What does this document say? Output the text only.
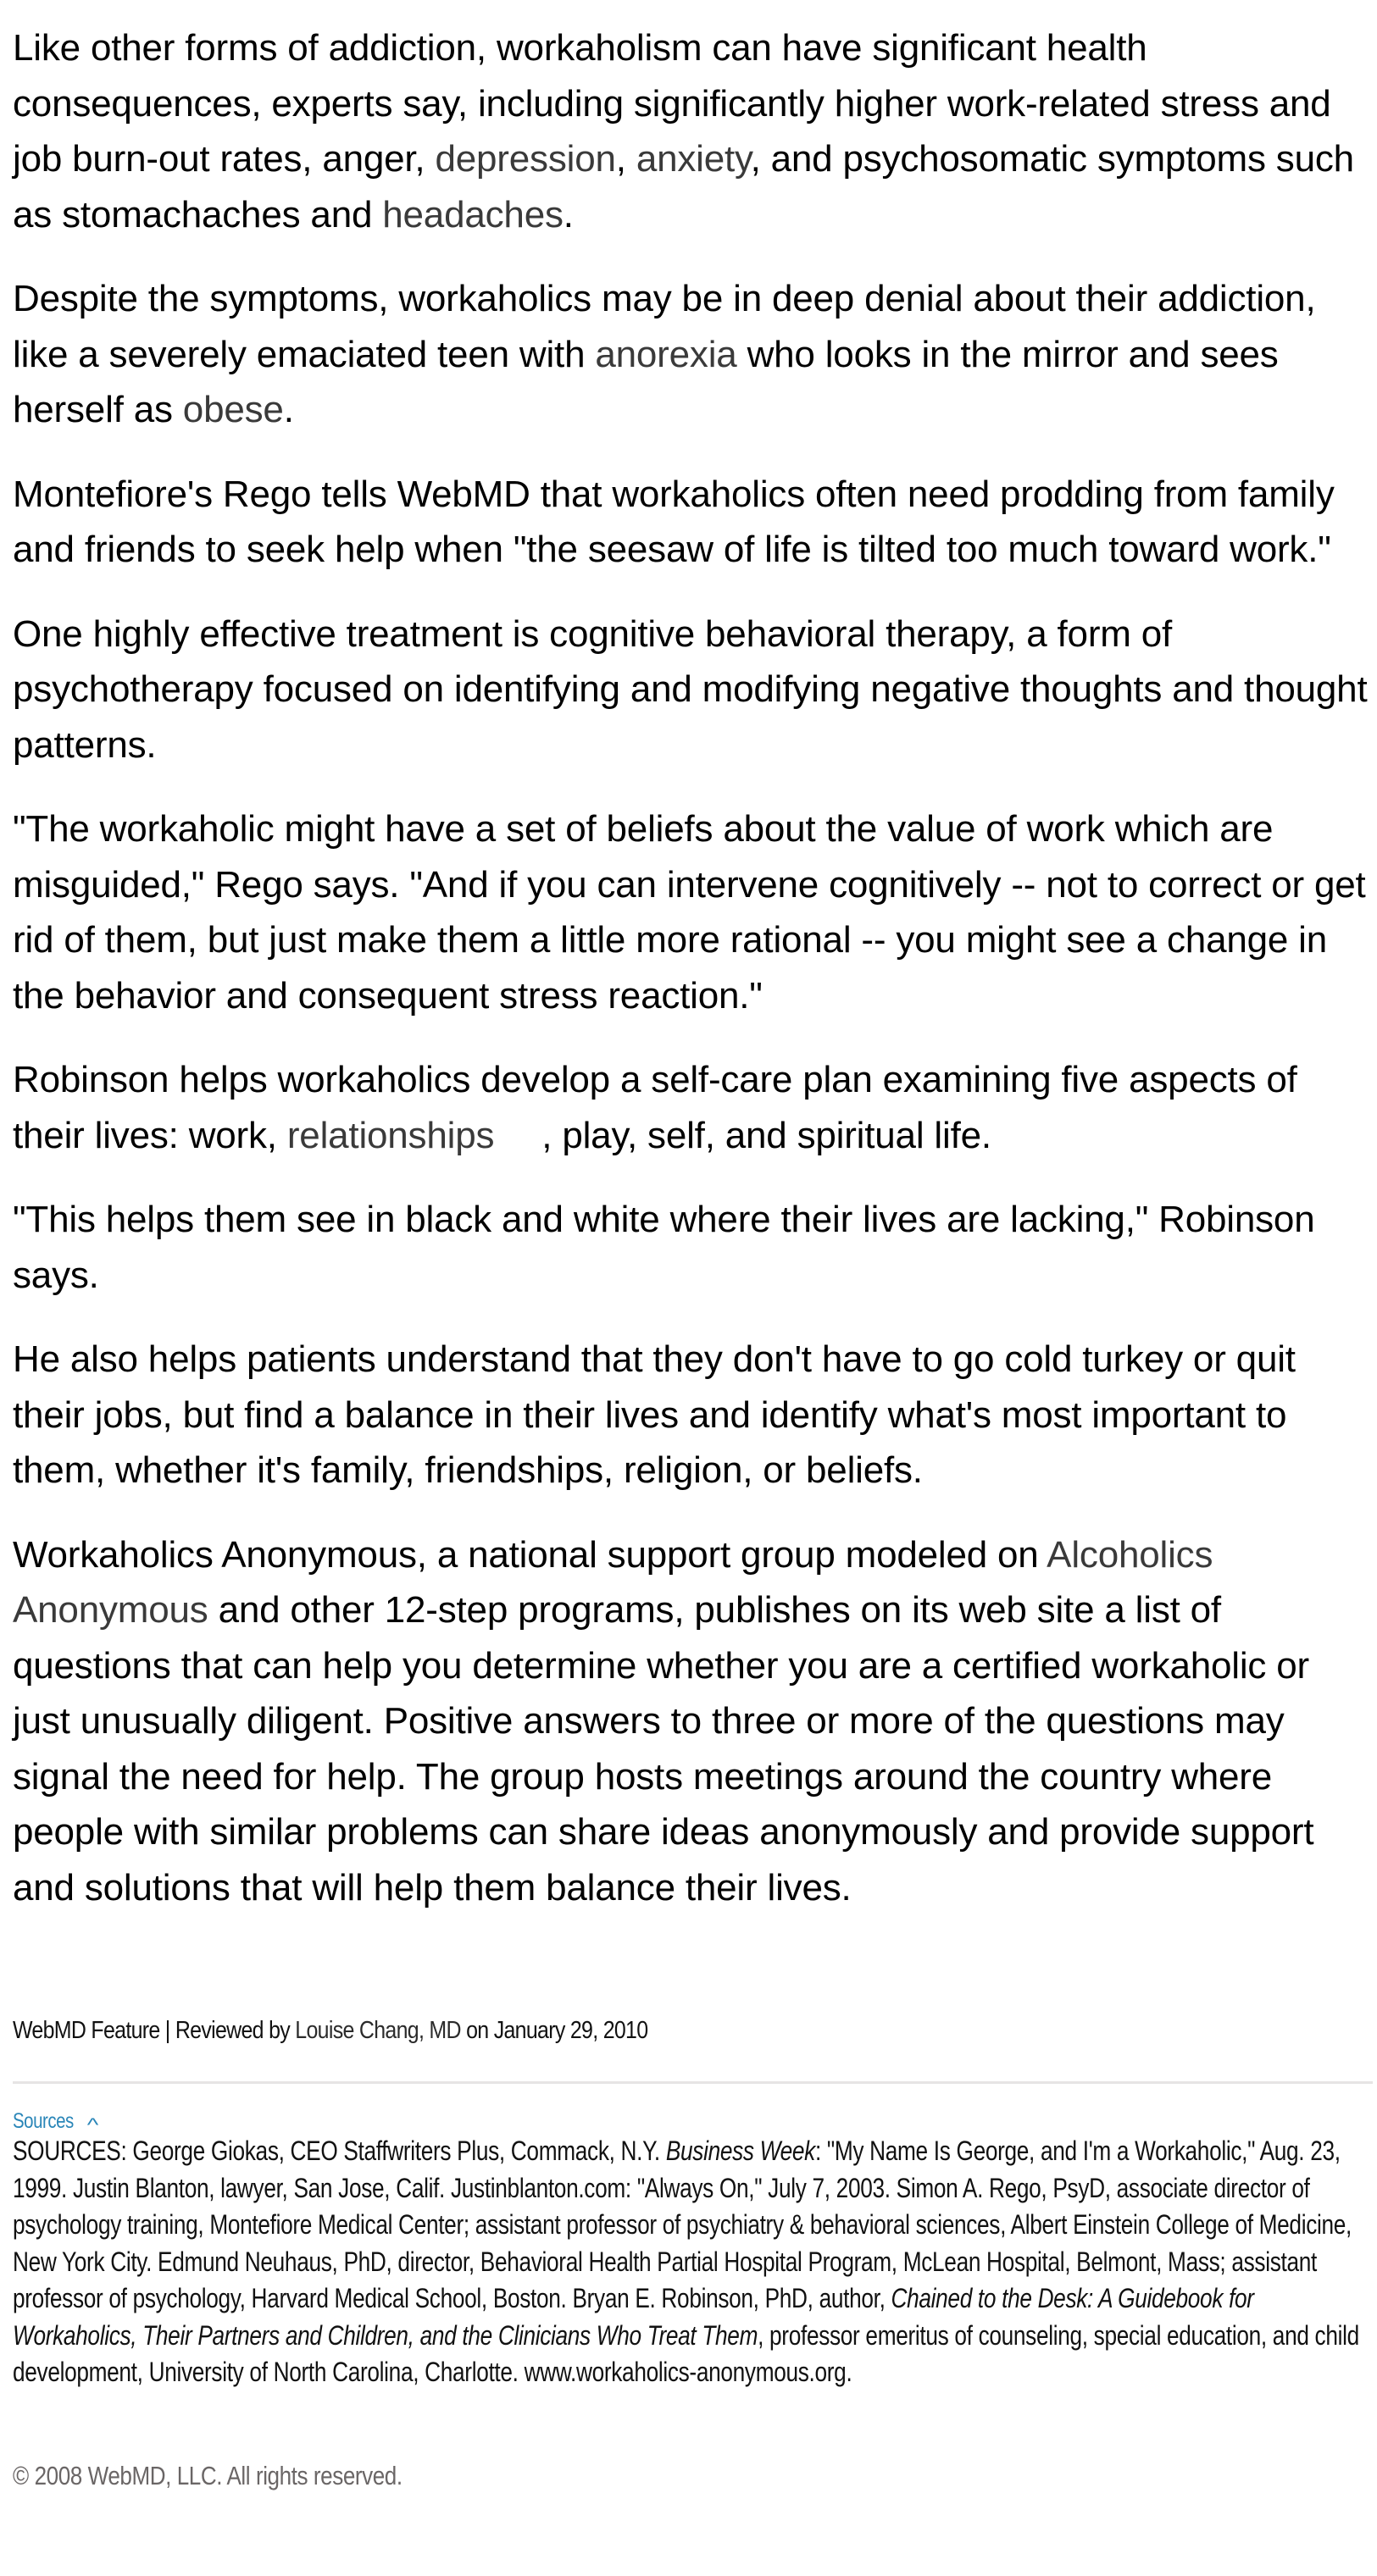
Like other forms of addiction, workaholism can have significant health consequences, experts say, including significantly higher work-related stress and job burn-out rates, anger, depression, anxiety, and psychosomatic symptoms such as stomachaches and headaches.

Despite the symptoms, workaholics may be in deep denial about their addiction, like a severely emaciated teen with anorexia who looks in the mirror and sees herself as obese.

Montefiore's Rego tells WebMD that workaholics often need prodding from family and friends to seek help when "the seesaw of life is tilted too much toward work."

One highly effective treatment is cognitive behavioral therapy, a form of psychotherapy focused on identifying and modifying negative thoughts and thought patterns.

"The workaholic might have a set of beliefs about the value of work which are misguided," Rego says. "And if you can intervene cognitively -- not to correct or get rid of them, but just make them a little more rational -- you might see a change in the behavior and consequent stress reaction."

Robinson helps workaholics develop a self-care plan examining five aspects of their lives: work, relationships , play, self, and spiritual life.

"This helps them see in black and white where their lives are lacking," Robinson says.

He also helps patients understand that they don't have to go cold turkey or quit their jobs, but find a balance in their lives and identify what's most important to them, whether it's family, friendships, religion, or beliefs.

Workaholics Anonymous, a national support group modeled on Alcoholics Anonymous and other 12-step programs, publishes on its web site a list of questions that can help you determine whether you are a certified workaholic or just unusually diligent. Positive answers to three or more of the questions may signal the need for help. The group hosts meetings around the country where people with similar problems can share ideas anonymously and provide support and solutions that will help them balance their lives.

WebMD Feature | Reviewed by Louise Chang, MD on January 29, 2010
Sources ^
SOURCES: George Giokas, CEO Staffwriters Plus, Commack, N.Y. Business Week: "My Name Is George, and I'm a Workaholic," Aug. 23, 1999. Justin Blanton, lawyer, San Jose, Calif. Justinblanton.com: "Always On," July 7, 2003. Simon A. Rego, PsyD, associate director of psychology training, Montefiore Medical Center; assistant professor of psychiatry & behavioral sciences, Albert Einstein College of Medicine, New York City. Edmund Neuhaus, PhD, director, Behavioral Health Partial Hospital Program, McLean Hospital, Belmont, Mass; assistant professor of psychology, Harvard Medical School, Boston. Bryan E. Robinson, PhD, author, Chained to the Desk: A Guidebook for Workaholics, Their Partners and Children, and the Clinicians Who Treat Them, professor emeritus of counseling, special education, and child development, University of North Carolina, Charlotte. www.workaholics-anonymous.org.
© 2008 WebMD, LLC. All rights reserved.
